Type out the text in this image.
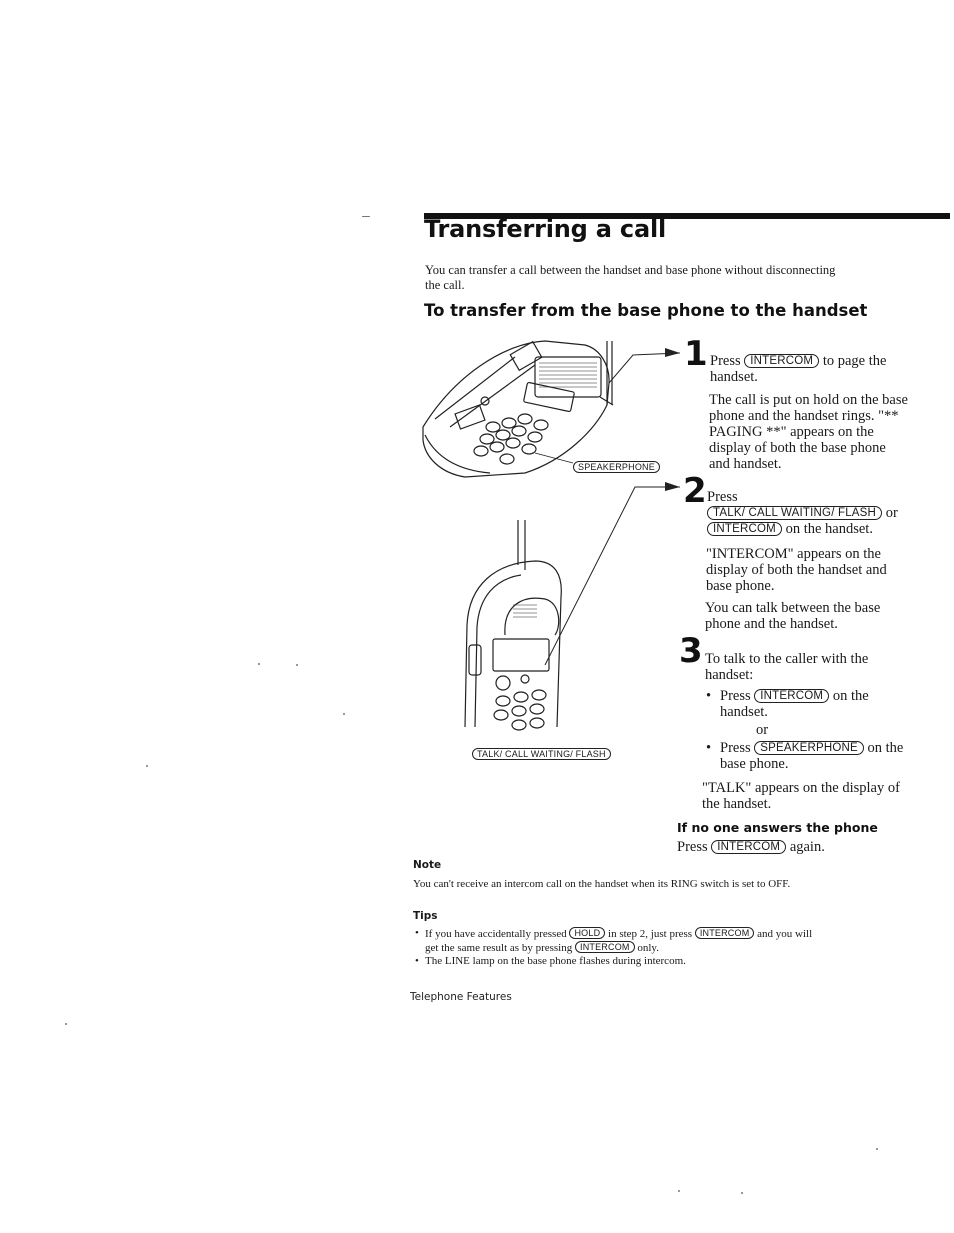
Transferring a call
You can transfer a call between the handset and base phone without disconnecting the call.
To transfer from the base phone to the handset
SPEAKERPHONE
TALK/ CALL WAITING/ FLASH
1 Press INTERCOM to page the handset.
The call is put on hold on the base phone and the handset rings. "** PAGING **" appears on the display of both the base phone and handset.
2 Press
TALK/ CALL WAITING/ FLASH or
INTERCOM on the handset.
"INTERCOM" appears on the display of both the handset and base phone.
You can talk between the base phone and the handset.
3 To talk to the caller with the handset:
• Press INTERCOM on the handset.
or
• Press SPEAKERPHONE on the base phone.
"TALK" appears on the display of the handset.
If no one answers the phone
Press INTERCOM again.
Note
You can't receive an intercom call on the handset when its RING switch is set to OFF.
Tips
• If you have accidentally pressed HOLD in step 2, just press INTERCOM and you will get the same result as by pressing INTERCOM only.
• The LINE lamp on the base phone flashes during intercom.
Telephone Features
